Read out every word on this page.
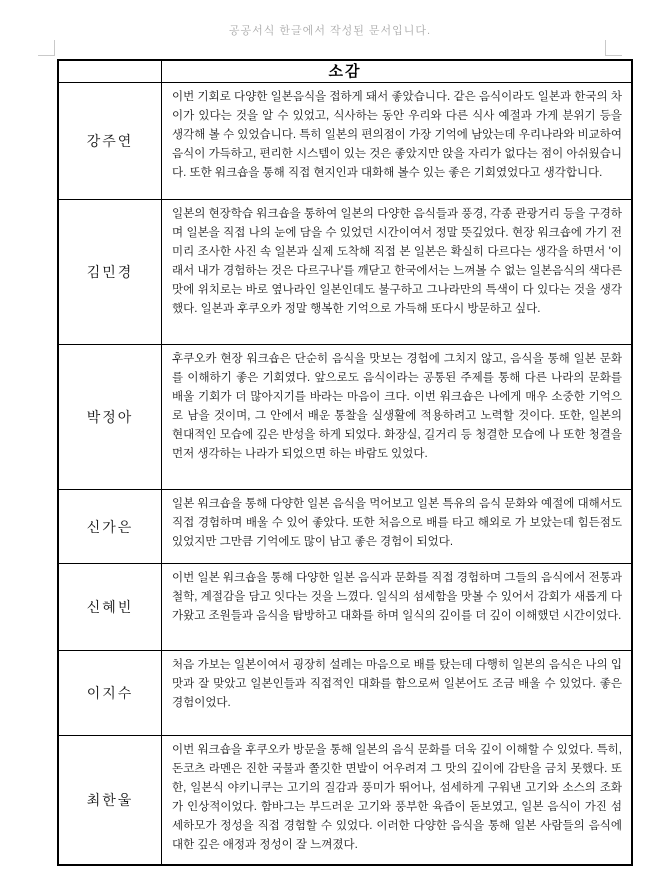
공공서식 한글에서 작성된 문서입니다.
소감
강주연
이번 기회로 다양한 일본음식을 접하게 돼서 좋았습니다. 같은 음식이라도 일본과 한국의 차이가 있다는 것을 알 수 있었고, 식사하는 동안 우리와 다른 식사 예절과 가게 분위기 등을 생각해 볼 수 있었습니다. 특히 일본의 편의점이 가장 기억에 남았는데 우리나라와 비교하여 음식이 가득하고, 편리한 시스템이 있는 것은 좋았지만 앉을 자리가 없다는 점이 아쉬웠습니다. 또한 워크숍을 통해 직접 현지인과 대화해 볼수 있는 좋은 기회였었다고 생각합니다.
김민경
일본의 현장학습 워크숍을 통하여 일본의 다양한 음식들과 풍경, 각종 관광거리 등을 구경하며 일본을 직접 나의 눈에 담을 수 있었던 시간이여서 정말 뜻깊었다. 현장 워크숍에 가기 전 미리 조사한 사진 속 일본과 실제 도착해 직접 본 일본은 확실히 다르다는 생각을 하면서 '이래서 내가 경험하는 것은 다르구나'를 깨닫고 한국에서는 느껴볼 수 없는 일본음식의 색다른 맛에 위치로는 바로 옆나라인 일본인데도 불구하고 그나라만의 특색이 다 있다는 것을 생각했다. 일본과 후쿠오카 정말 행복한 기억으로 가득해 또다시 방문하고 싶다.
박정아
후쿠오카 현장 워크숍은 단순히 음식을 맛보는 경험에 그치지 않고, 음식을 통해 일본 문화를 이해하기 좋은 기회였다. 앞으로도 음식이라는 공통된 주제를 통해 다른 나라의 문화를 배울 기회가 더 많아지기를 바라는 마음이 크다. 이번 워크숍은 나에게 매우 소중한 기억으로 남을 것이며, 그 안에서 배운 통찰을 실생활에 적용하려고 노력할 것이다. 또한, 일본의 현대적인 모습에 깊은 반성을 하게 되었다. 화장실, 길거리 등 청결한 모습에 나 또한 청결을 먼저 생각하는 나라가 되었으면 하는 바람도 있었다.
신가은
일본 워크숍을 통해 다양한 일본 음식을 먹어보고 일본 특유의 음식 문화와 예절에 대해서도 직접 경험하며 배울 수 있어 좋았다. 또한 처음으로 배를 타고 해외로 가 보았는데 힘든점도 있었지만 그만큼 기억에도 많이 남고 좋은 경험이 되었다.
신혜빈
이번 일본 워크숍을 통해 다양한 일본 음식과 문화를 직접 경험하며 그들의 음식에서 전통과 철학, 계절감을 담고 잇다는 것을 느꼈다. 일식의 섬세함을 맛볼 수 있어서 감회가 새롭게 다가왔고 조원들과 음식을 탐방하고 대화를 하며 일식의 깊이를 더 깊이 이해했던 시간이었다.
이지수
처음 가보는 일본이여서 굉장히 설레는 마음으로 배를 탔는데 다행히 일본의 음식은 나의 입맛과 잘 맞았고 일본인들과 직접적인 대화를 함으로써 일본어도 조금 배울 수 있었다. 좋은 경험이었다.
최한울
이번 워크숍을 후쿠오카 방문을 통해 일본의 음식 문화를 더욱 깊이 이해할 수 있었다. 특히, 돈코츠 라멘은 진한 국물과 쫄깃한 면발이 어우려져 그 맛의 깊이에 감탄을 금치 못했다. 또한, 일본식 야키니쿠는 고기의 질감과 풍미가 뛰어나, 섬세하게 구워낸 고기와 소스의 조화가 인상적이었다. 함바그는 부드러운 고기와 풍부한 육즙이 돋보였고, 일본 음식이 가진 섬세하모가 정성을 직접 경험할 수 있었다. 이러한 다양한 음식을 통해 일본 사람들의 음식에 대한 깊은 애정과 정성이 잘 느껴졌다.
